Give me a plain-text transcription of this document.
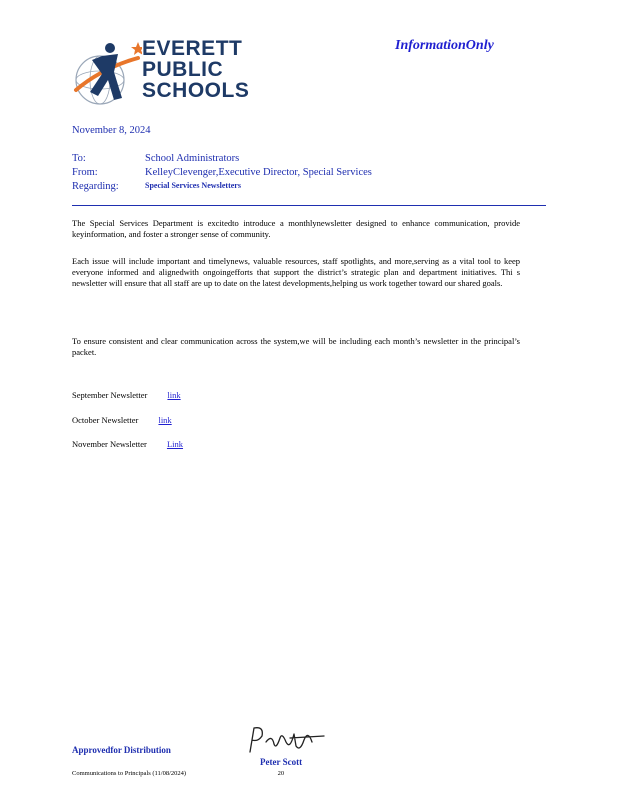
EVERETT
PUBLIC
SCHOOLS
InformationOnly
November 8, 2024
To:	School Administrators
From:	KelleyClevenger,Executive Director, Special Services
Regarding:	Special Services Newsletters
The Special Services Department is excitedto introduce a monthlynewsletter designed to enhance communication, provide keyinformation, and foster a stronger sense of community.
Each issue will include important and timelynews, valuable resources, staff spotlights, and more,serving as a vital tool to keep everyone informed and alignedwith ongoingefforts that support the district’s strategic plan and department initiatives. Thi s newsletter will ensure that all staff are up to date on the latest developments,helping us work together toward our shared goals.
To ensure consistent and clear communication across the system,we will be including each month’s newsletter in the principal’s packet.
September Newsletter link
October Newsletter link
November Newsletter Link
Approvedfor Distribution
Peter Scott
Communications to Principals (11/08/2024)	20
